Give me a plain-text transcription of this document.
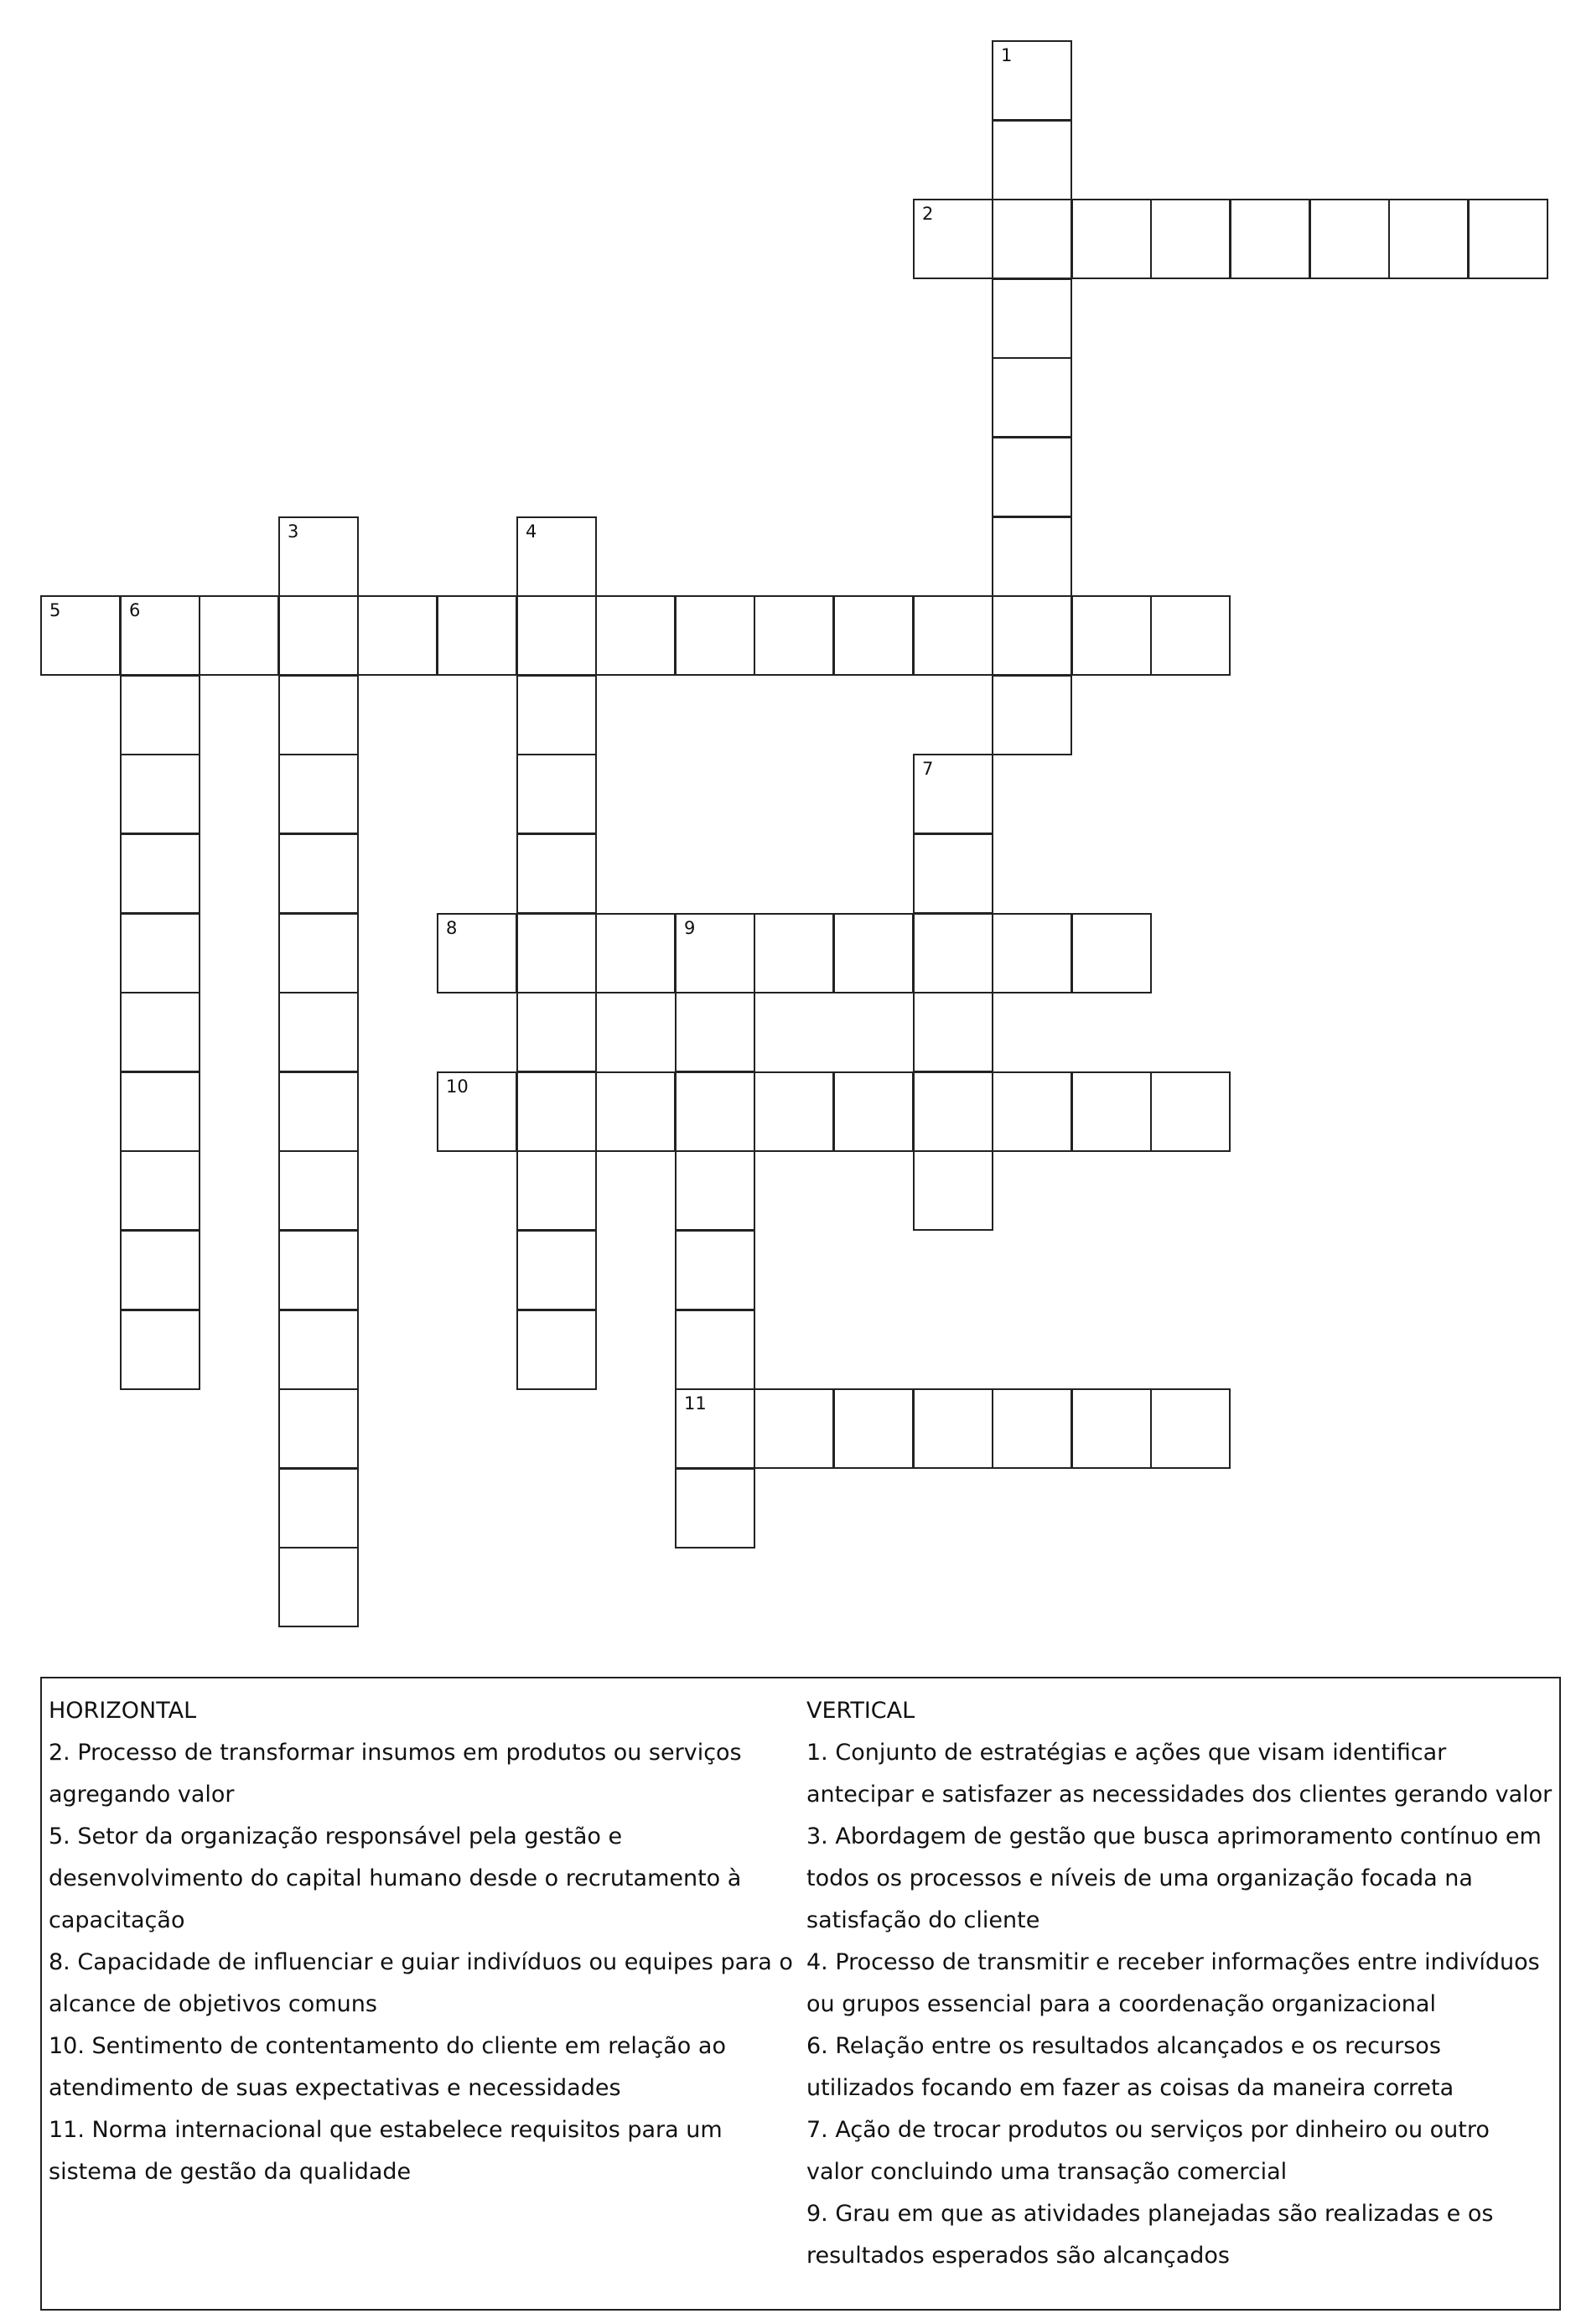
1
2
3	4
5	6
7
8	9
11
10
HORIZONTAL
2. Processo de transformar insumos em produtos ou serviços
agregando valor
5. Setor da organização responsável pela gestão e
desenvolvimento do capital humano desde o recrutamento à
capacitação
8. Capacidade de influenciar e guiar indivíduos ou equipes para o
alcance de objetivos comuns
10. Sentimento de contentamento do cliente em relação ao
atendimento de suas expectativas e necessidades
11. Norma internacional que estabelece requisitos para um
sistema de gestão da qualidade
VERTICAL
1. Conjunto de estratégias e ações que visam identificar
antecipar e satisfazer as necessidades dos clientes gerando valor
3. Abordagem de gestão que busca aprimoramento contínuo em
todos os processos e níveis de uma organização focada na
satisfação do cliente
4. Processo de transmitir e receber informações entre indivíduos
ou grupos essencial para a coordenação organizacional
6. Relação entre os resultados alcançados e os recursos
utilizados focando em fazer as coisas da maneira correta
7. Ação de trocar produtos ou serviços por dinheiro ou outro
valor concluindo uma transação comercial
9. Grau em que as atividades planejadas são realizadas e os
resultados esperados são alcançados
